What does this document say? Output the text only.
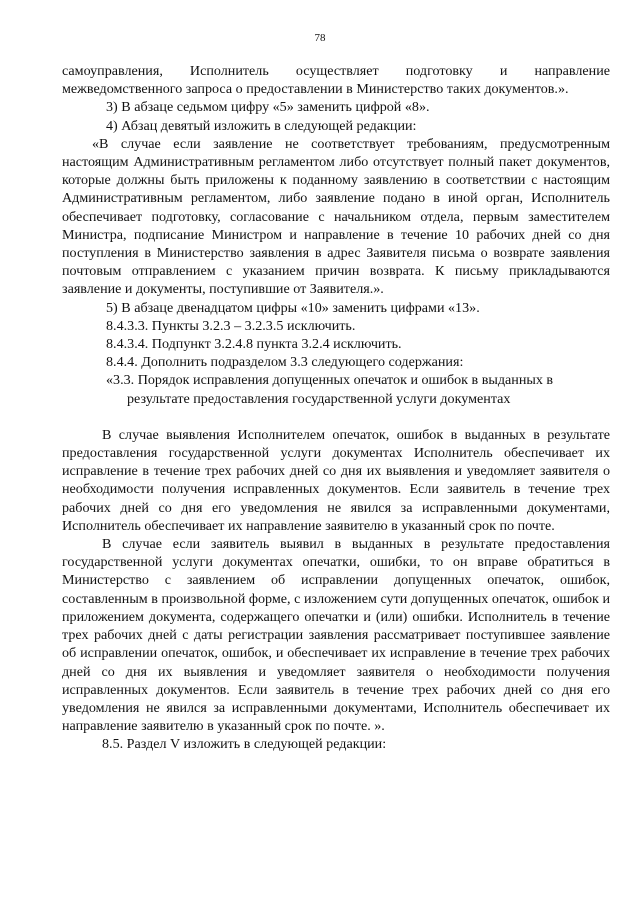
78

самоуправления, Исполнитель осуществляет подготовку и направление межведомственного запроса о предоставлении в Министерство таких документов.».

3) В абзаце седьмом цифру «5» заменить цифрой «8».

4) Абзац девятый изложить в следующей редакции:

«В случае если заявление не соответствует требованиям, предусмотренным настоящим Административным регламентом либо отсутствует полный пакет документов, которые должны быть приложены к поданному заявлению в соответствии с настоящим Административным регламентом, либо заявление подано в иной орган, Исполнитель обеспечивает подготовку, согласование с начальником отдела, первым заместителем Министра, подписание Министром и направление в течение 10 рабочих дней со дня поступления в Министерство заявления в адрес Заявителя письма о возврате заявления почтовым отправлением с указанием причин возврата. К письму прикладываются заявление и документы, поступившие от Заявителя.».

5) В абзаце двенадцатом цифры «10» заменить цифрами «13».

8.4.3.3. Пункты 3.2.3 – 3.2.3.5 исключить.

8.4.3.4. Подпункт 3.2.4.8 пункта 3.2.4 исключить.

8.4.4. Дополнить подразделом 3.3 следующего содержания:

«3.3. Порядок исправления допущенных опечаток и ошибок в выданных в
результате предоставления государственной услуги документах

В случае выявления Исполнителем опечаток, ошибок в выданных в результате предоставления государственной услуги документах Исполнитель обеспечивает их исправление в течение трех рабочих дней со дня их выявления и уведомляет заявителя о необходимости получения исправленных документов. Если заявитель в течение трех рабочих дней со дня его уведомления не явился за исправленными документами, Исполнитель обеспечивает их направление заявителю в указанный срок по почте.

В случае если заявитель выявил в выданных в результате предоставления государственной услуги документах опечатки, ошибки, то он вправе обратиться в Министерство с заявлением об исправлении допущенных опечаток, ошибок, составленным в произвольной форме, с изложением сути допущенных опечаток, ошибок и приложением документа, содержащего опечатки и (или) ошибки. Исполнитель в течение трех рабочих дней с даты регистрации заявления рассматривает поступившее заявление об исправлении опечаток, ошибок, и обеспечивает их исправление в течение трех рабочих дней со дня их выявления и уведомляет заявителя о необходимости получения исправленных документов. Если заявитель в течение трех рабочих дней со дня его уведомления не явился за исправленными документами, Исполнитель обеспечивает их направление заявителю в указанный срок по почте. ».

8.5. Раздел V изложить в следующей редакции:
